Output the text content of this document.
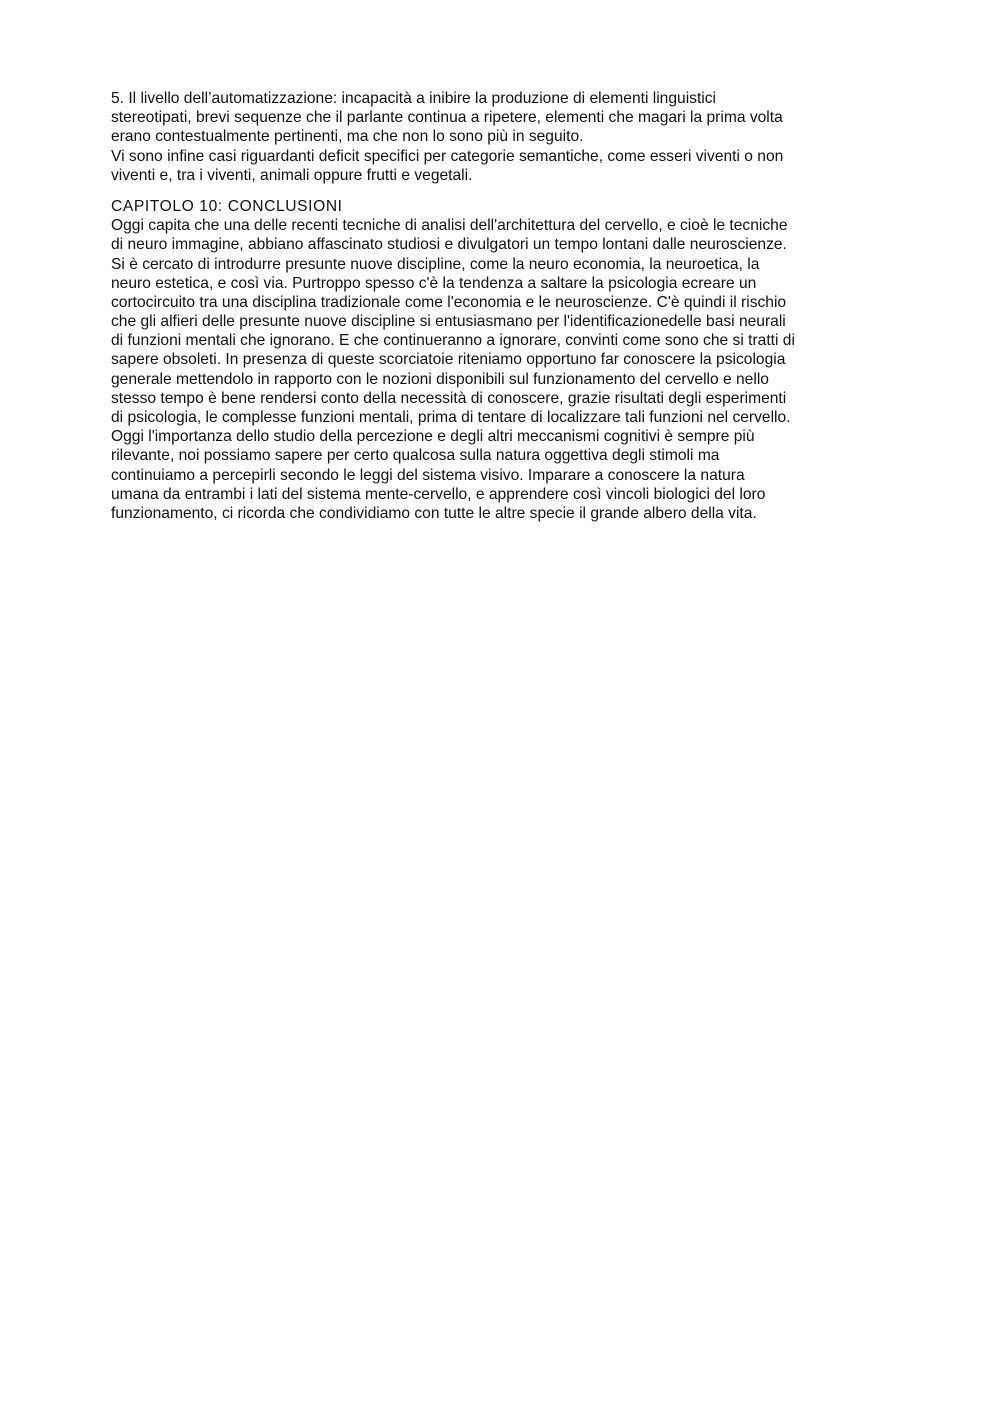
5. Il livello dell’automatizzazione: incapacità a inibire la produzione di elementi linguistici
stereotipati, brevi sequenze che il parlante continua a ripetere, elementi che magari la prima volta
erano contestualmente pertinenti, ma che non lo sono più in seguito.
Vi sono infine casi riguardanti deficit specifici per categorie semantiche, come esseri viventi o non
viventi e, tra i viventi, animali oppure frutti e vegetali.
CAPITOLO 10: CONCLUSIONI
Oggi capita che una delle recenti tecniche di analisi dell'architettura del cervello, e cioè le tecniche
di neuro immagine, abbiano affascinato studiosi e divulgatori un tempo lontani dalle neuroscienze.
Si è cercato di introdurre presunte nuove discipline, come la neuro economia, la neuroetica, la
neuro estetica, e così via. Purtroppo spesso c'è la tendenza a saltare la psicologia ecreare un
cortocircuito tra una disciplina tradizionale come l'economia e le neuroscienze. C'è quindi il rischio
che gli alfieri delle presunte nuove discipline si entusiasmano per l'identificazionedelle basi neurali
di funzioni mentali che ignorano. E che continueranno a ignorare, convinti come sono che si tratti di
sapere obsoleti. In presenza di queste scorciatoie riteniamo opportuno far conoscere la psicologia
generale mettendolo in rapporto con le nozioni disponibili sul funzionamento del cervello e nello
stesso tempo è bene rendersi conto della necessità di conoscere, grazie risultati degli esperimenti
di psicologia, le complesse funzioni mentali, prima di tentare di localizzare tali funzioni nel cervello.
Oggi l'importanza dello studio della percezione e degli altri meccanismi cognitivi è sempre più
rilevante, noi possiamo sapere per certo qualcosa sulla natura oggettiva degli stimoli ma
continuiamo a percepirli secondo le leggi del sistema visivo. Imparare a conoscere la natura
umana da entrambi i lati del sistema mente-cervello, e apprendere così vincoli biologici del loro
funzionamento, ci ricorda che condividiamo con tutte le altre specie il grande albero della vita.
